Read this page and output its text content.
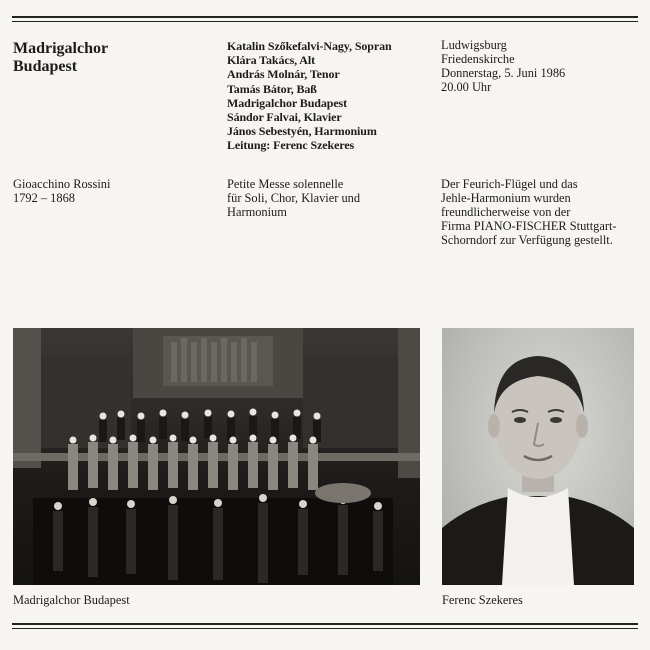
Madrigalchor
Budapest
Katalin Szőkefalvi-Nagy, Sopran
Klára Takács, Alt
András Molnár, Tenor
Tamás Bátor, Baß
Madrigalchor Budapest
Sándor Falvai, Klavier
János Sebestyén, Harmonium
Leitung: Ferenc Szekeres
Ludwigsburg
Friedenskirche
Donnerstag, 5. Juni 1986
20.00 Uhr
Gioacchino Rossini
1792 – 1868
Petite Messe solennelle
für Soli, Chor, Klavier und
Harmonium
Der Feurich-Flügel und das
Jehle-Harmonium wurden
freundlicherweise von der
Firma PIANO-FISCHER Stuttgart-
Schorndorf zur Verfügung gestellt.
Madrigalchor Budapest	Ferenc Szekeres
